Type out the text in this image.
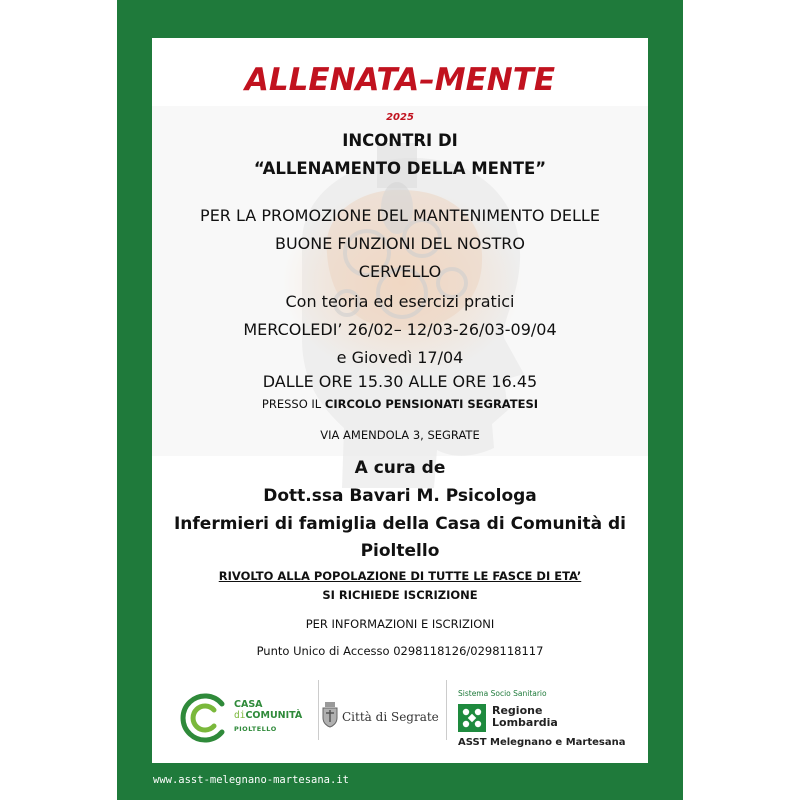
ALLENATA–MENTE
2025
INCONTRI DI
“ALLENAMENTO DELLA MENTE”
PER LA PROMOZIONE DEL MANTENIMENTO DELLE
BUONE FUNZIONI DEL NOSTRO
CERVELLO
Con teoria ed esercizi pratici
MERCOLEDI’ 26/02– 12/03-26/03-09/04
e Giovedì 17/04
DALLE ORE 15.30 ALLE ORE 16.45
PRESSO IL CIRCOLO PENSIONATI SEGRATESI
VIA AMENDOLA 3, SEGRATE
A cura de
Dott.ssa Bavari M. Psicologa
Infermieri di famiglia della Casa di Comunità di
Pioltello
RIVOLTO ALLA POPOLAZIONE DI TUTTE LE FASCE DI ETA’
SI RICHIEDE ISCRIZIONE
PER INFORMAZIONI E ISCRIZIONI
Punto Unico di Accesso 0298118126/0298118117
CASA
diCOMUNITÀ
PIOLTELLO
Città di Segrate
Sistema Socio Sanitario
Regione
Lombardia
ASST Melegnano e Martesana
www.asst-melegnano-martesana.it
